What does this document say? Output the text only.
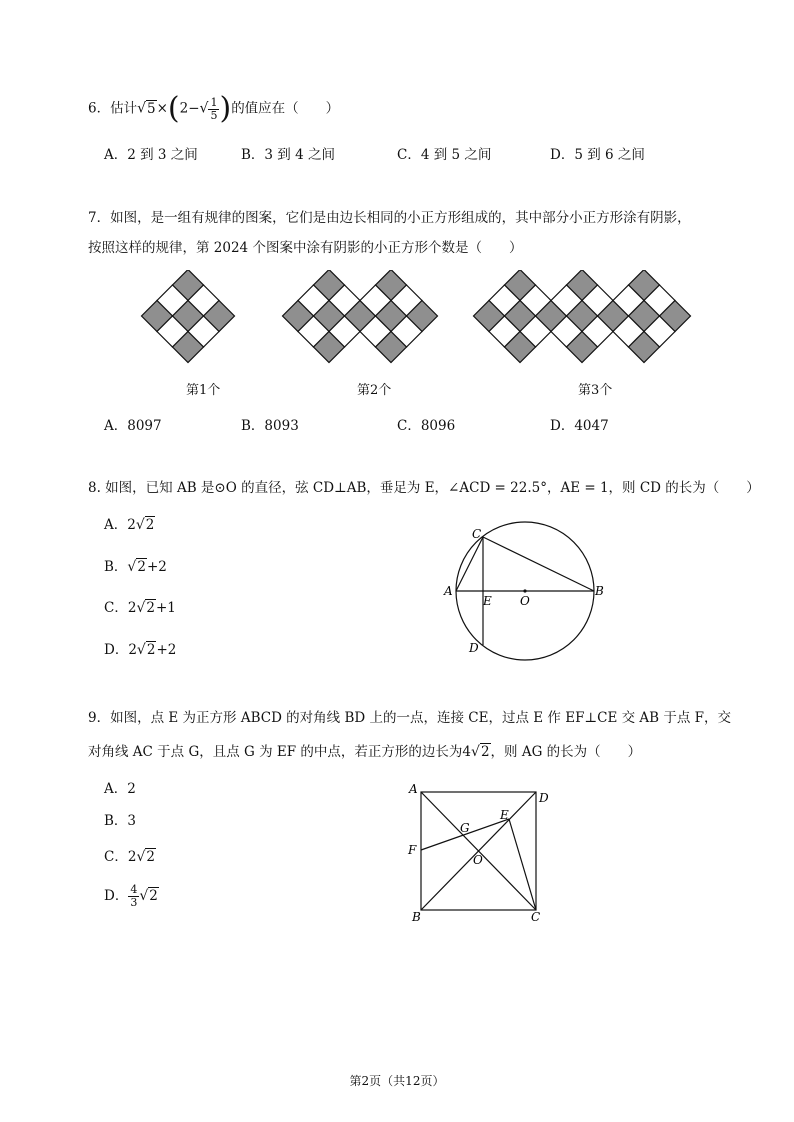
6．估计$√5\times(2-√ \frac{1}{5}$ )的值应在（　　）
A．2 到 3 之间	B．3 到 4 之间	C．4 到 5 之间	D．5 到 6 之间
7．如图，是一组有规律的图案，它们是由边长相同的小正方形组成的，其中部分小正方形涂有阴影，
按照这样的规律，第 2024 个图案中涂有阴影的小正方形个数是（　　）
第1个	第2个	第3个
A．8097	B．8093	C．8096	D．4047
8. 如图，已知 AB 是⊙O 的直径，弦 CD⊥AB，垂足为 E，∠ACD = 22.5°，AE = 1，则 CD 的长为（　　）
A．2√2
B．√2+2
C．2√2+1
D．2√2+2
C
A
E O
B
D
9．如图，点 E 为正方形 ABCD 的对角线 BD 上的一点，连接 CE，过点 E 作 EF⊥CE 交 AB 于点 F，交
对角线 AC 于点 G，且点 G 为 EF 的中点，若正方形的边长为4√2，则 AG 的长为（　　）
A．2
B．3
C．2√2
D． $\frac{4}{3} √2$
A
D
E
G
F
O
B	C
第2页（共12页）
